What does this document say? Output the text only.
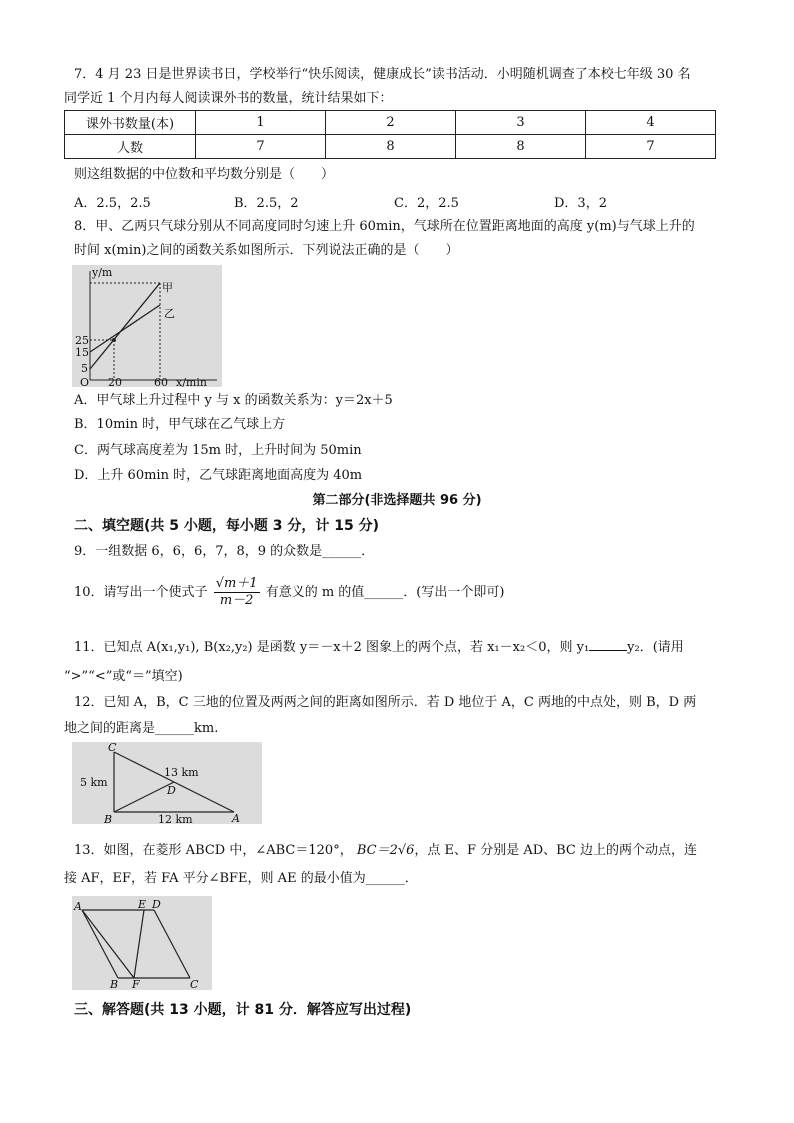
7．4 月 23 日是世界读书日，学校举行“快乐阅读，健康成长”读书活动．小明随机调查了本校七年级 30 名
同学近 1 个月内每人阅读课外书的数量，统计结果如下：
课外书数量(本)	1	2	3	4
人数	7	8	8	7
则这组数据的中位数和平均数分别是（　　）
A．2.5，2.5	B．2.5，2	C．2，2.5	D．3，2
8．甲、乙两只气球分别从不同高度同时匀速上升 60min，气球所在位置距离地面的高度 y(m)与气球上升的
时间 x(min)之间的函数关系如图所示．下列说法正确的是（　　）
y/m
x/min
O
25
15
5
20	60
甲
乙
A．甲气球上升过程中 y 与 x 的函数关系为：y＝2x＋5
B．10min 时，甲气球在乙气球上方
C．两气球高度差为 15m 时，上升时间为 50min
D．上升 60min 时，乙气球距离地面高度为 40m
第二部分(非选择题共 96 分)
二、填空题(共 5 小题，每小题 3 分，计 15 分)
9．一组数据 6，6，6，7，8，9 的众数是______．
10．请写出一个使式子 $\frac{√m+1}{m-2}$ 有意义的 m 的值______．(写出一个即可)
11．已知点 A(x₁,y₁), B(x₂,y₂) 是函数 y＝－x＋2 图象上的两个点，若 x₁－x₂＜0，则 y₁	y₂．(请用
“>”“<”或“＝”填空)
12．已知 A，B，C 三地的位置及两两之间的距离如图所示．若 D 地位于 A，C 两地的中点处，则 B，D 两
地之间的距离是______km.
C
B	A
D
5 km
13 km
12 km
13．如图，在菱形 ABCD 中，∠ABC＝120°， BC＝2√6，点 E、F 分别是 AD、BC 边上的两个动点，连
接 AF，EF，若 FA 平分∠BFE，则 AE 的最小值为______．
A	E D
B F	C
三、解答题(共 13 小题，计 81 分．解答应写出过程)
